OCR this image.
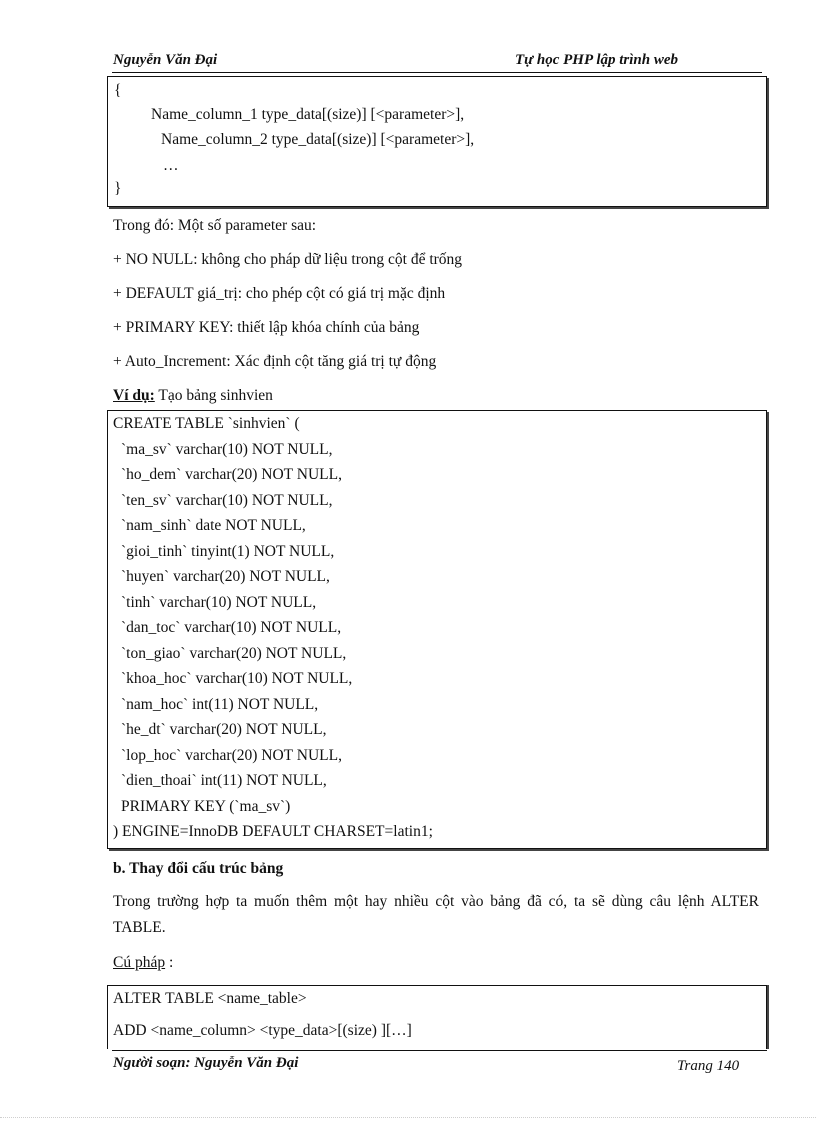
Nguyễn Văn Đại	Tự học PHP lập trình web
{
Name_column_1 type_data[(size)] [<parameter>],
Name_column_2 type_data[(size)] [<parameter>],
…
}
Trong đó: Một số parameter sau:
+ NO NULL: không cho pháp dữ liệu trong cột để trống
+ DEFAULT giá_trị: cho phép cột có giá trị mặc định
+ PRIMARY KEY: thiết lập khóa chính của bảng
+ Auto_Increment: Xác định cột tăng giá trị tự động
Ví dụ: Tạo bảng sinhvien
CREATE TABLE `sinhvien` (
`ma_sv` varchar(10) NOT NULL,
`ho_dem` varchar(20) NOT NULL,
`ten_sv` varchar(10) NOT NULL,
`nam_sinh` date NOT NULL,
`gioi_tinh` tinyint(1) NOT NULL,
`huyen` varchar(20) NOT NULL,
`tinh` varchar(10) NOT NULL,
`dan_toc` varchar(10) NOT NULL,
`ton_giao` varchar(20) NOT NULL,
`khoa_hoc` varchar(10) NOT NULL,
`nam_hoc` int(11) NOT NULL,
`he_dt` varchar(20) NOT NULL,
`lop_hoc` varchar(20) NOT NULL,
`dien_thoai` int(11) NOT NULL,
PRIMARY KEY (`ma_sv`)
) ENGINE=InnoDB DEFAULT CHARSET=latin1;
b. Thay đổi cấu trúc bảng
Trong trường hợp ta muốn thêm một hay nhiều cột vào bảng đã có, ta sẽ dùng câu lệnh ALTER TABLE.
Cú pháp :
ALTER TABLE <name_table>
ADD <name_column> <type_data>[(size) ][…]
Người soạn: Nguyễn Văn Đại	Trang 140
